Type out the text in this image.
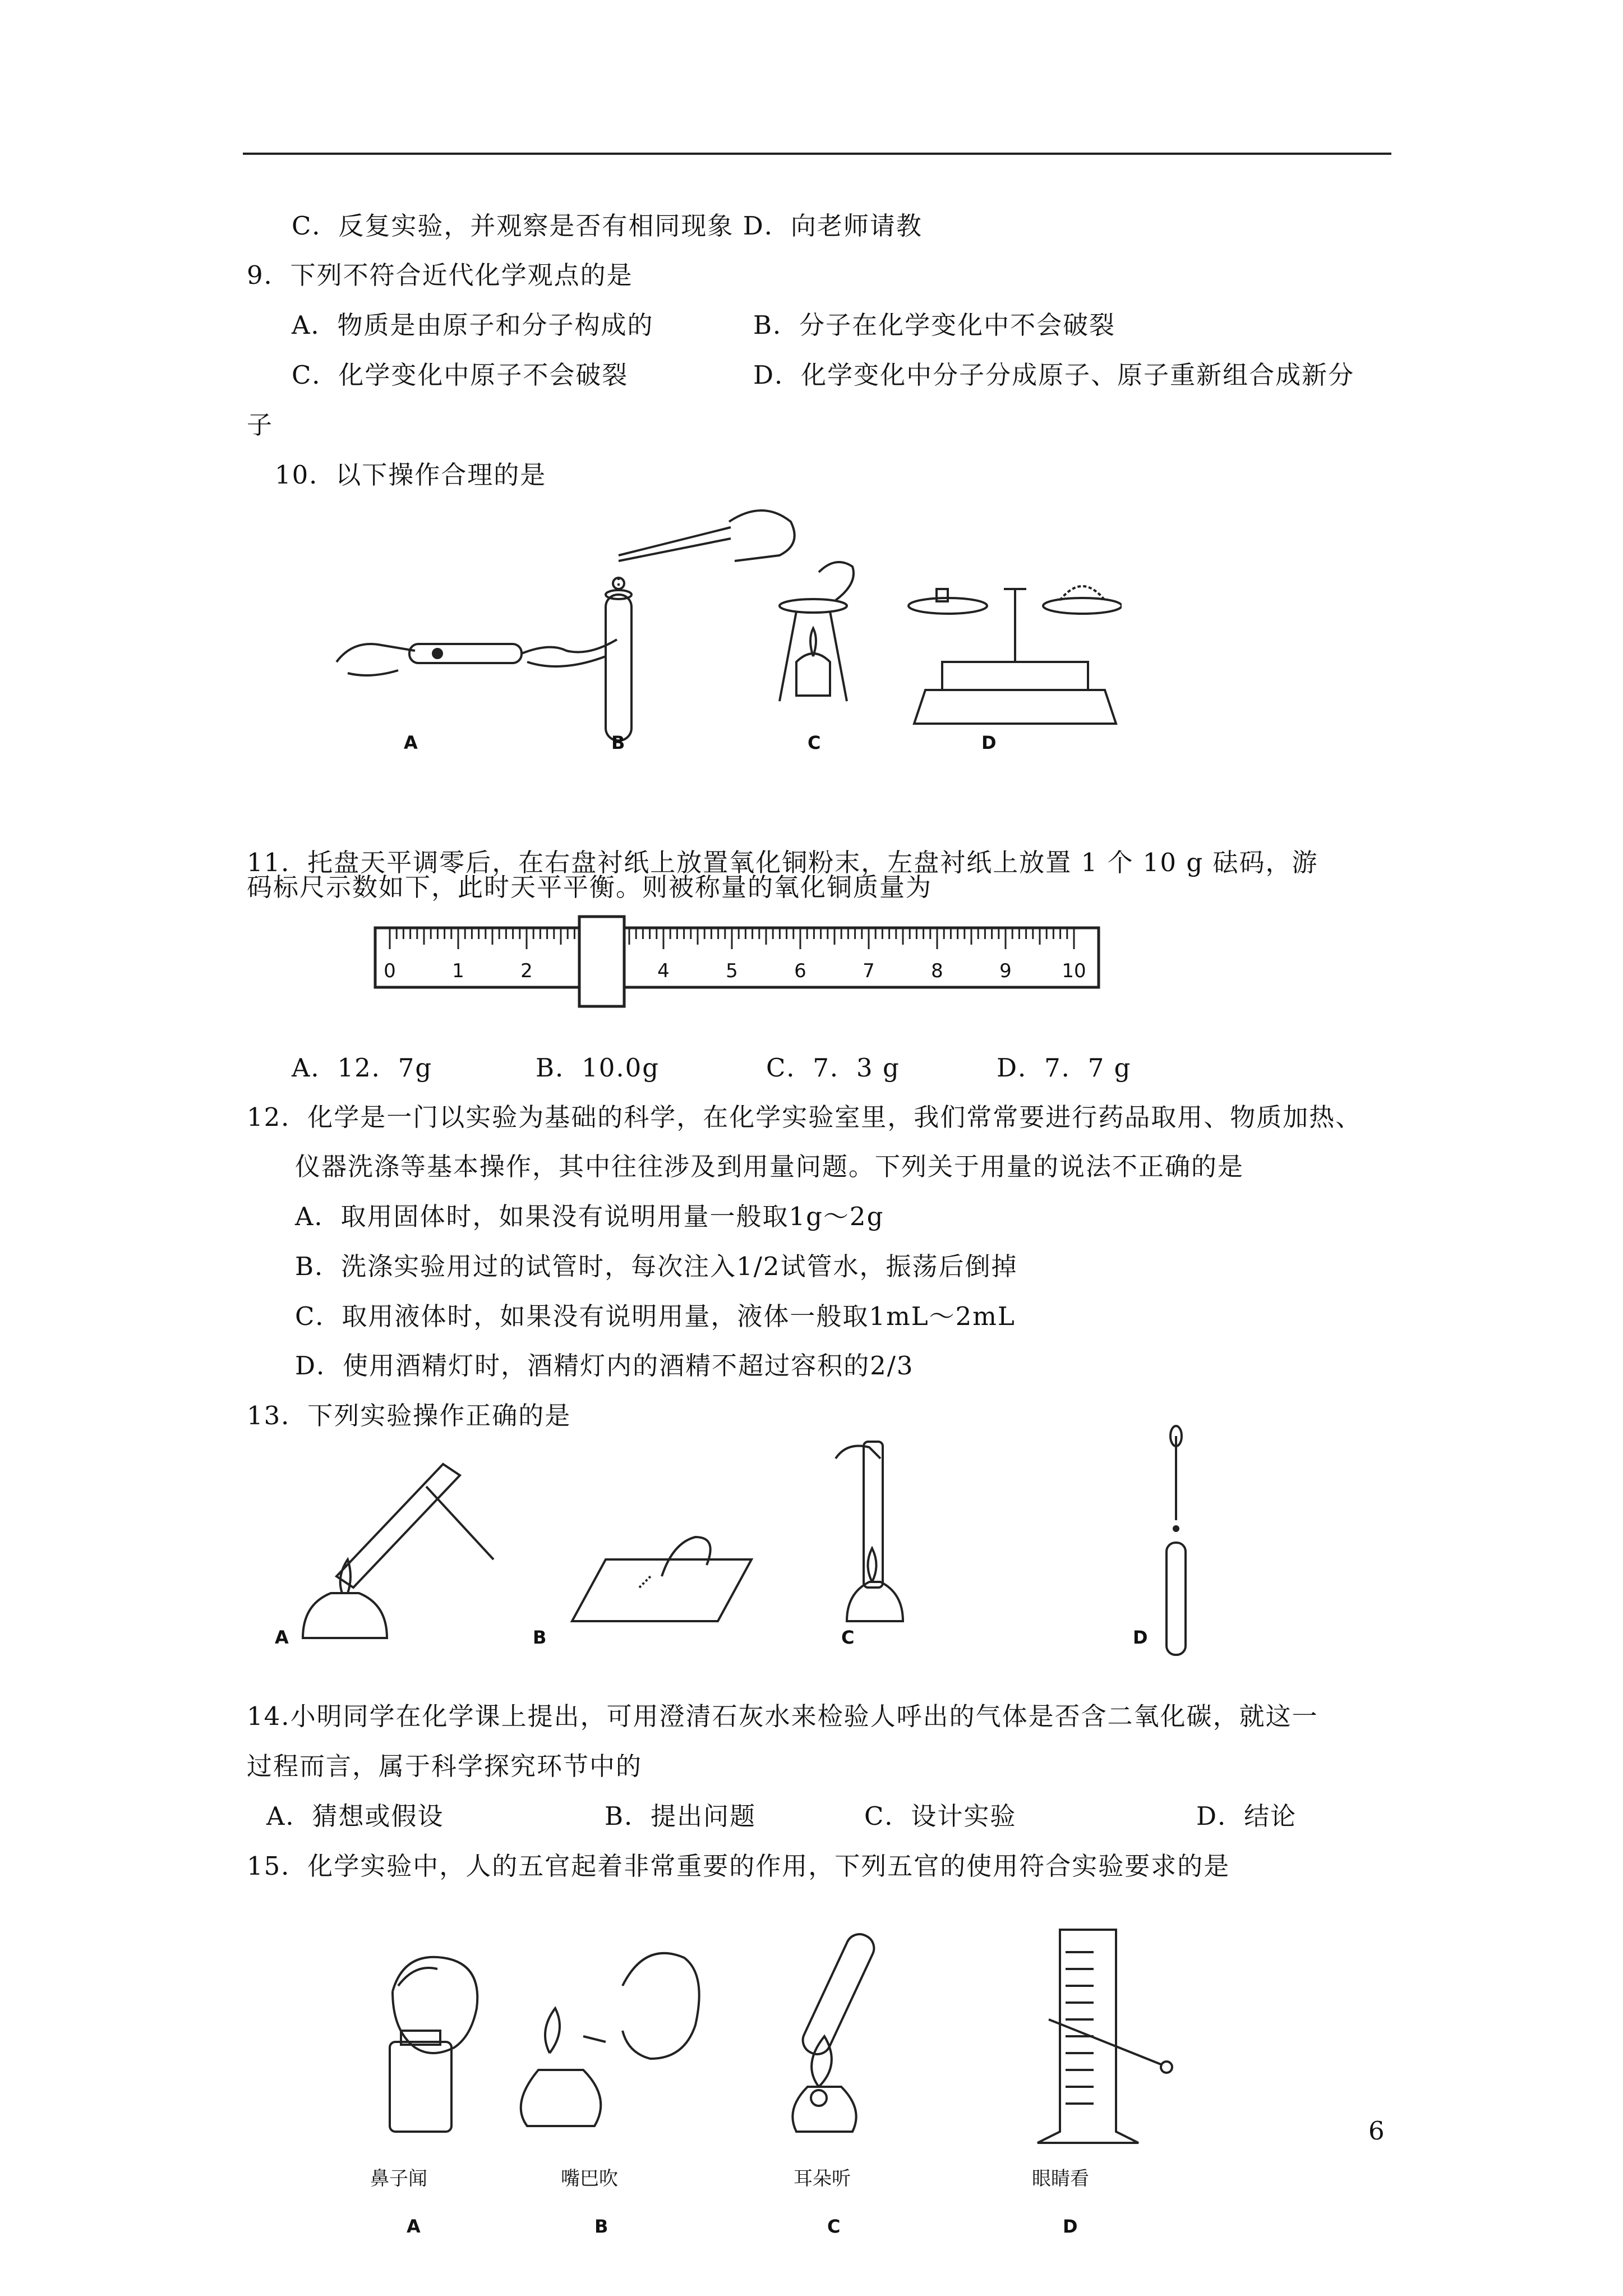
C．反复实验，并观察是否有相同现象 D．向老师请教
9．下列不符合近代化学观点的是
A．物质是由原子和分子构成的	B．分子在化学变化中不会破裂
C．化学变化中原子不会破裂	D．化学变化中分子分成原子、原子重新组合成新分
子
10．以下操作合理的是
A	B	C	D
11．托盘天平调零后，在右盘衬纸上放置氧化铜粉末，左盘衬纸上放置 1 个 10 g 砝码，游
码标尺示数如下，此时天平平衡。则被称量的氧化铜质量为
0	1	2	4	5	6	7	8	9	10
A．12．7g	B．10.0g	C．7．3 g	D．7．7 g
12．化学是一门以实验为基础的科学，在化学实验室里，我们常常要进行药品取用、物质加热、
仪器洗涤等基本操作，其中往往涉及到用量问题。下列关于用量的说法不正确的是
A．取用固体时，如果没有说明用量一般取1g～2g
B．洗涤实验用过的试管时，每次注入1/2试管水，振荡后倒掉
C．取用液体时，如果没有说明用量，液体一般取1mL～2mL
D．使用酒精灯时，酒精灯内的酒精不超过容积的2/3
13．下列实验操作正确的是
A	B	C	D
14.小明同学在化学课上提出，可用澄清石灰水来检验人呼出的气体是否含二氧化碳，就这一
过程而言，属于科学探究环节中的
A．猜想或假设	B．提出问题	C．设计实验	D．结论
15．化学实验中，人的五官起着非常重要的作用，下列五官的使用符合实验要求的是
鼻子闻	嘴巴吹	耳朵听	眼睛看
A	B	C	D
6
